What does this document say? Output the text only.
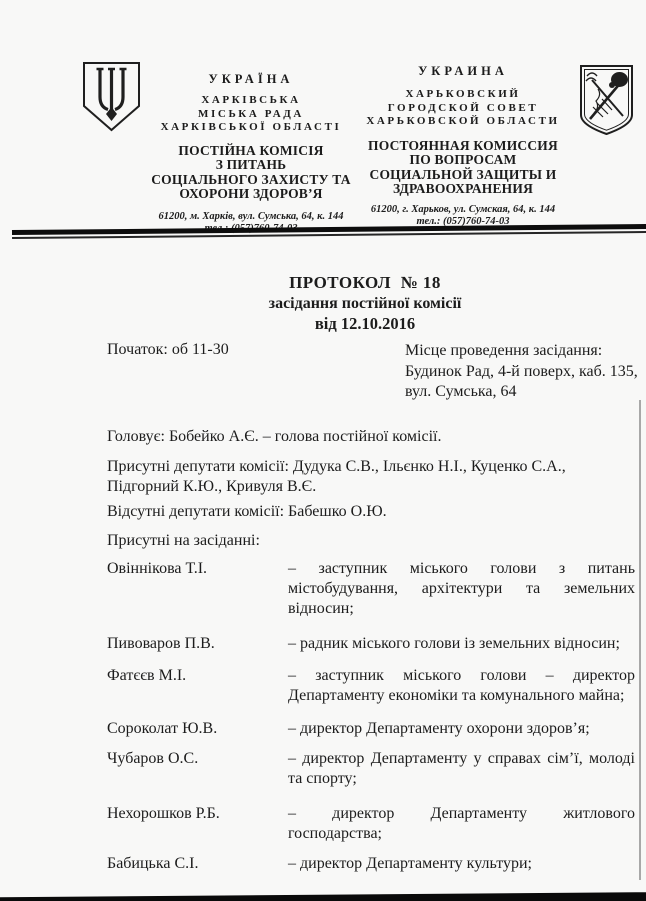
УКРАЇНА
ХАРКІВСЬКА
МІСЬКА РАДА
ХАРКІВСЬКОЇ ОБЛАСТІ
ПОСТІЙНА КОМІСІЯ
З ПИТАНЬ
СОЦІАЛЬНОГО ЗАХИСТУ ТА
ОХОРОНИ ЗДОРОВ’Я
61200, м. Харків, вул. Сумська, 64, к. 144
тел.: (057)760-74-03
УКРАИНА
ХАРЬКОВСКИЙ
ГОРОДСКОЙ СОВЕТ
ХАРЬКОВСКОЙ ОБЛАСТИ
ПОСТОЯННАЯ КОМИССИЯ
ПО ВОПРОСАМ
СОЦИАЛЬНОЙ ЗАЩИТЫ И
ЗДРАВООХРАНЕНИЯ
61200, г. Харьков, ул. Сумская, 64, к. 144
тел.: (057)760-74-03
ПРОТОКОЛ  № 18
засідання постійної комісії
від 12.10.2016
Початок: об 11-30	Місце проведення засідання:
Будинок Рад, 4-й поверх, каб. 135,
вул. Сумська, 64

Головує: Бобейко А.Є. – голова постійної комісії.

Присутні депутати комісії: Дудука С.В., Ільєнко Н.І., Куценко С.А., Підгорний К.Ю., Кривуля В.Є.

Відсутні депутати комісії: Бабешко О.Ю.

Присутні на засіданні:

Овіннікова Т.І.	– заступник міського голови з питань містобудування, архітектури та земельних відносин;
Пивоваров П.В.	– радник міського голови із земельних відносин;
Фатєєв М.І.	– заступник міського голови – директор Департаменту економіки та комунального майна;
Сороколат Ю.В.	– директор Департаменту охорони здоров’я;
Чубаров О.С.	– директор Департаменту у справах сім’ї, молоді та спорту;
Нехорошков Р.Б.	– директор Департаменту житлового господарства;
Бабицька С.І.	– директор Департаменту культури;
